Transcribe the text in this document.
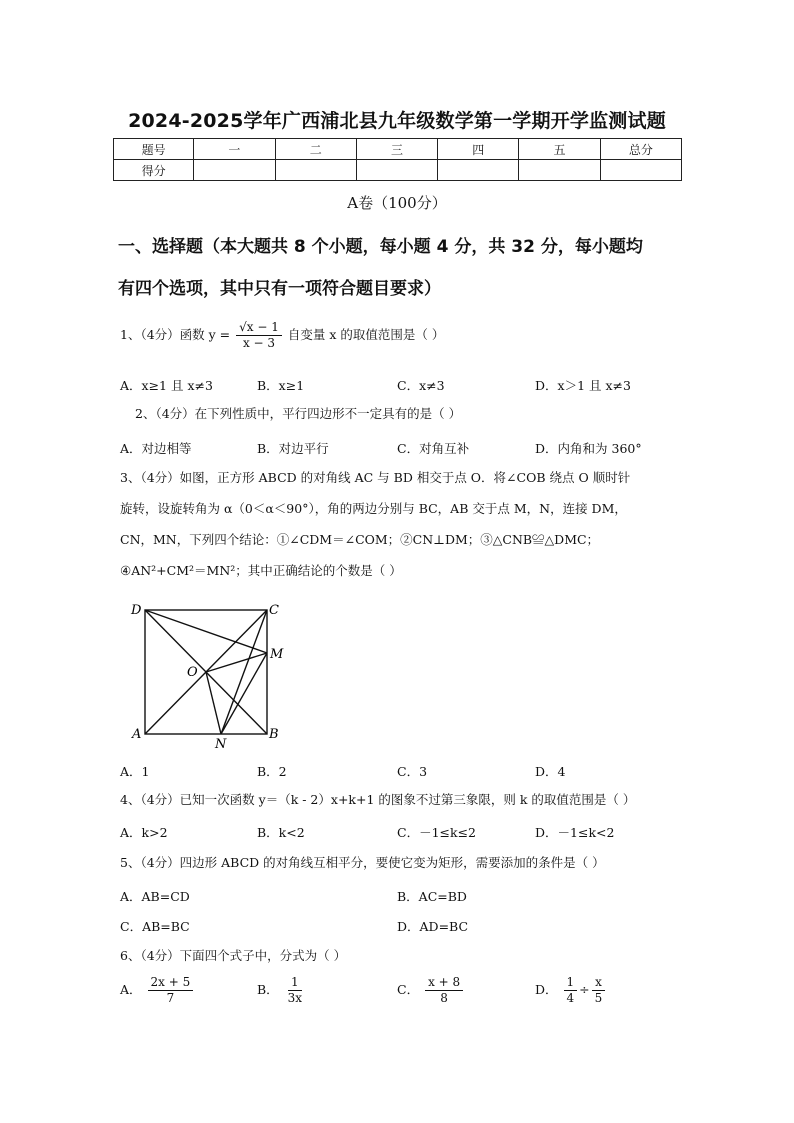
2024-2025学年广西浦北县九年级数学第一学期开学监测试题
题号	一	二	三	四	五	总分
得分						
A卷（100分）
一、选择题（本大题共 8 个小题，每小题 4 分，共 32 分，每小题均
有四个选项，其中只有一项符合题目要求）
1、（4分）函数 $y = \frac{√x - 1}{x - 3}$ 自变量 x 的取值范围是（ ）
A．x≥1 且 x≠3	B．x≥1	C．x≠3	D．x＞1 且 x≠3
2、（4分）在下列性质中，平行四边形不一定具有的是（ ）
A．对边相等	B．对边平行	C．对角互补	D．内角和为 360°
3、（4分）如图，正方形 ABCD 的对角线 AC 与 BD 相交于点 O．将∠COB 绕点 O 顺时针
旋转，设旋转角为 α（0＜α＜90°），角的两边分别与 BC，AB 交于点 M，N，连接 DM，
CN，MN，下列四个结论：①∠CDM＝∠COM；②CN⊥DM；③△CNB≌△DMC；
④AN²+CM²＝MN²；其中正确结论的个数是（ ）
D	C
M
O
A
N
B
A．1	B．2	C．3	D．4
4、（4分）已知一次函数 y＝（k - 2）x+k+1 的图象不过第三象限，则 k 的取值范围是（ ）
A．k>2	B．k<2	C．－1≤k≤2	D．－1≤k<2
5、（4分）四边形 ABCD 的对角线互相平分，要使它变为矩形，需要添加的条件是（ ）
A．AB=CD	B．AC=BD
C．AB=BC	D．AD=BC
6、（4分）下面四个式子中，分式为（ ）
A． $\frac{2x + 5}{7}$	B． $\frac{1}{3x}$	C． $\frac{x + 8}{8}$	D． $\frac{1}{4} \div \frac{x}{5}$
